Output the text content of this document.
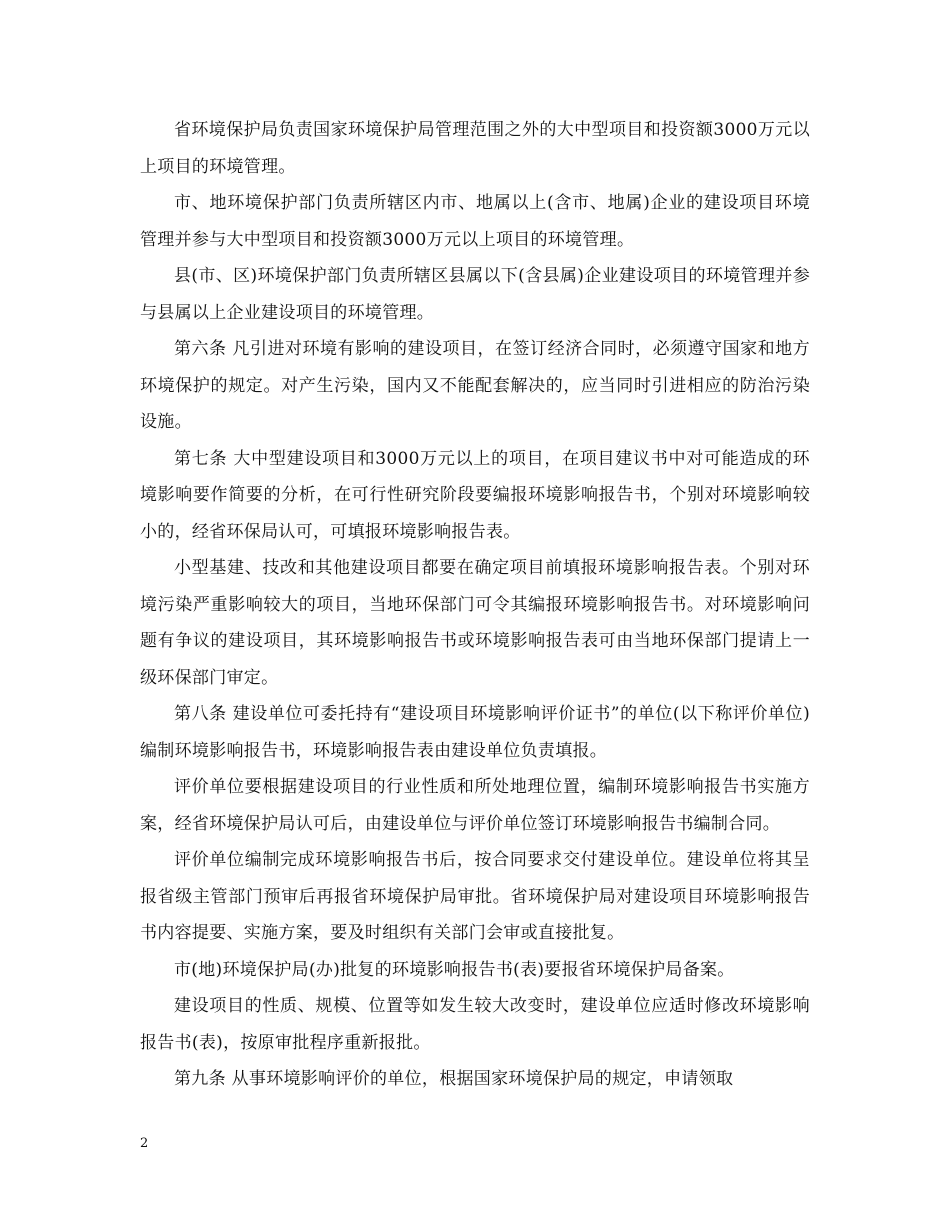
省环境保护局负责国家环境保护局管理范围之外的大中型项目和投资额3000万元以上项目的环境管理。

市、地环境保护部门负责所辖区内市、地属以上(含市、地属)企业的建设项目环境管理并参与大中型项目和投资额3000万元以上项目的环境管理。

县(市、区)环境保护部门负责所辖区县属以下(含县属)企业建设项目的环境管理并参与县属以上企业建设项目的环境管理。

第六条 凡引进对环境有影响的建设项目，在签订经济合同时，必须遵守国家和地方环境保护的规定。对产生污染，国内又不能配套解决的，应当同时引进相应的防治污染设施。

第七条 大中型建设项目和3000万元以上的项目，在项目建议书中对可能造成的环境影响要作简要的分析，在可行性研究阶段要编报环境影响报告书，个别对环境影响较小的，经省环保局认可，可填报环境影响报告表。

小型基建、技改和其他建设项目都要在确定项目前填报环境影响报告表。个别对环境污染严重影响较大的项目，当地环保部门可令其编报环境影响报告书。对环境影响问题有争议的建设项目，其环境影响报告书或环境影响报告表可由当地环保部门提请上一级环保部门审定。

第八条 建设单位可委托持有“建设项目环境影响评价证书”的单位(以下称评价单位)编制环境影响报告书，环境影响报告表由建设单位负责填报。

评价单位要根据建设项目的行业性质和所处地理位置，编制环境影响报告书实施方案，经省环境保护局认可后，由建设单位与评价单位签订环境影响报告书编制合同。

评价单位编制完成环境影响报告书后，按合同要求交付建设单位。建设单位将其呈报省级主管部门预审后再报省环境保护局审批。省环境保护局对建设项目环境影响报告书内容提要、实施方案，要及时组织有关部门会审或直接批复。

市(地)环境保护局(办)批复的环境影响报告书(表)要报省环境保护局备案。

建设项目的性质、规模、位置等如发生较大改变时，建设单位应适时修改环境影响报告书(表)，按原审批程序重新报批。

第九条 从事环境影响评价的单位，根据国家环境保护局的规定，申请领取

2
